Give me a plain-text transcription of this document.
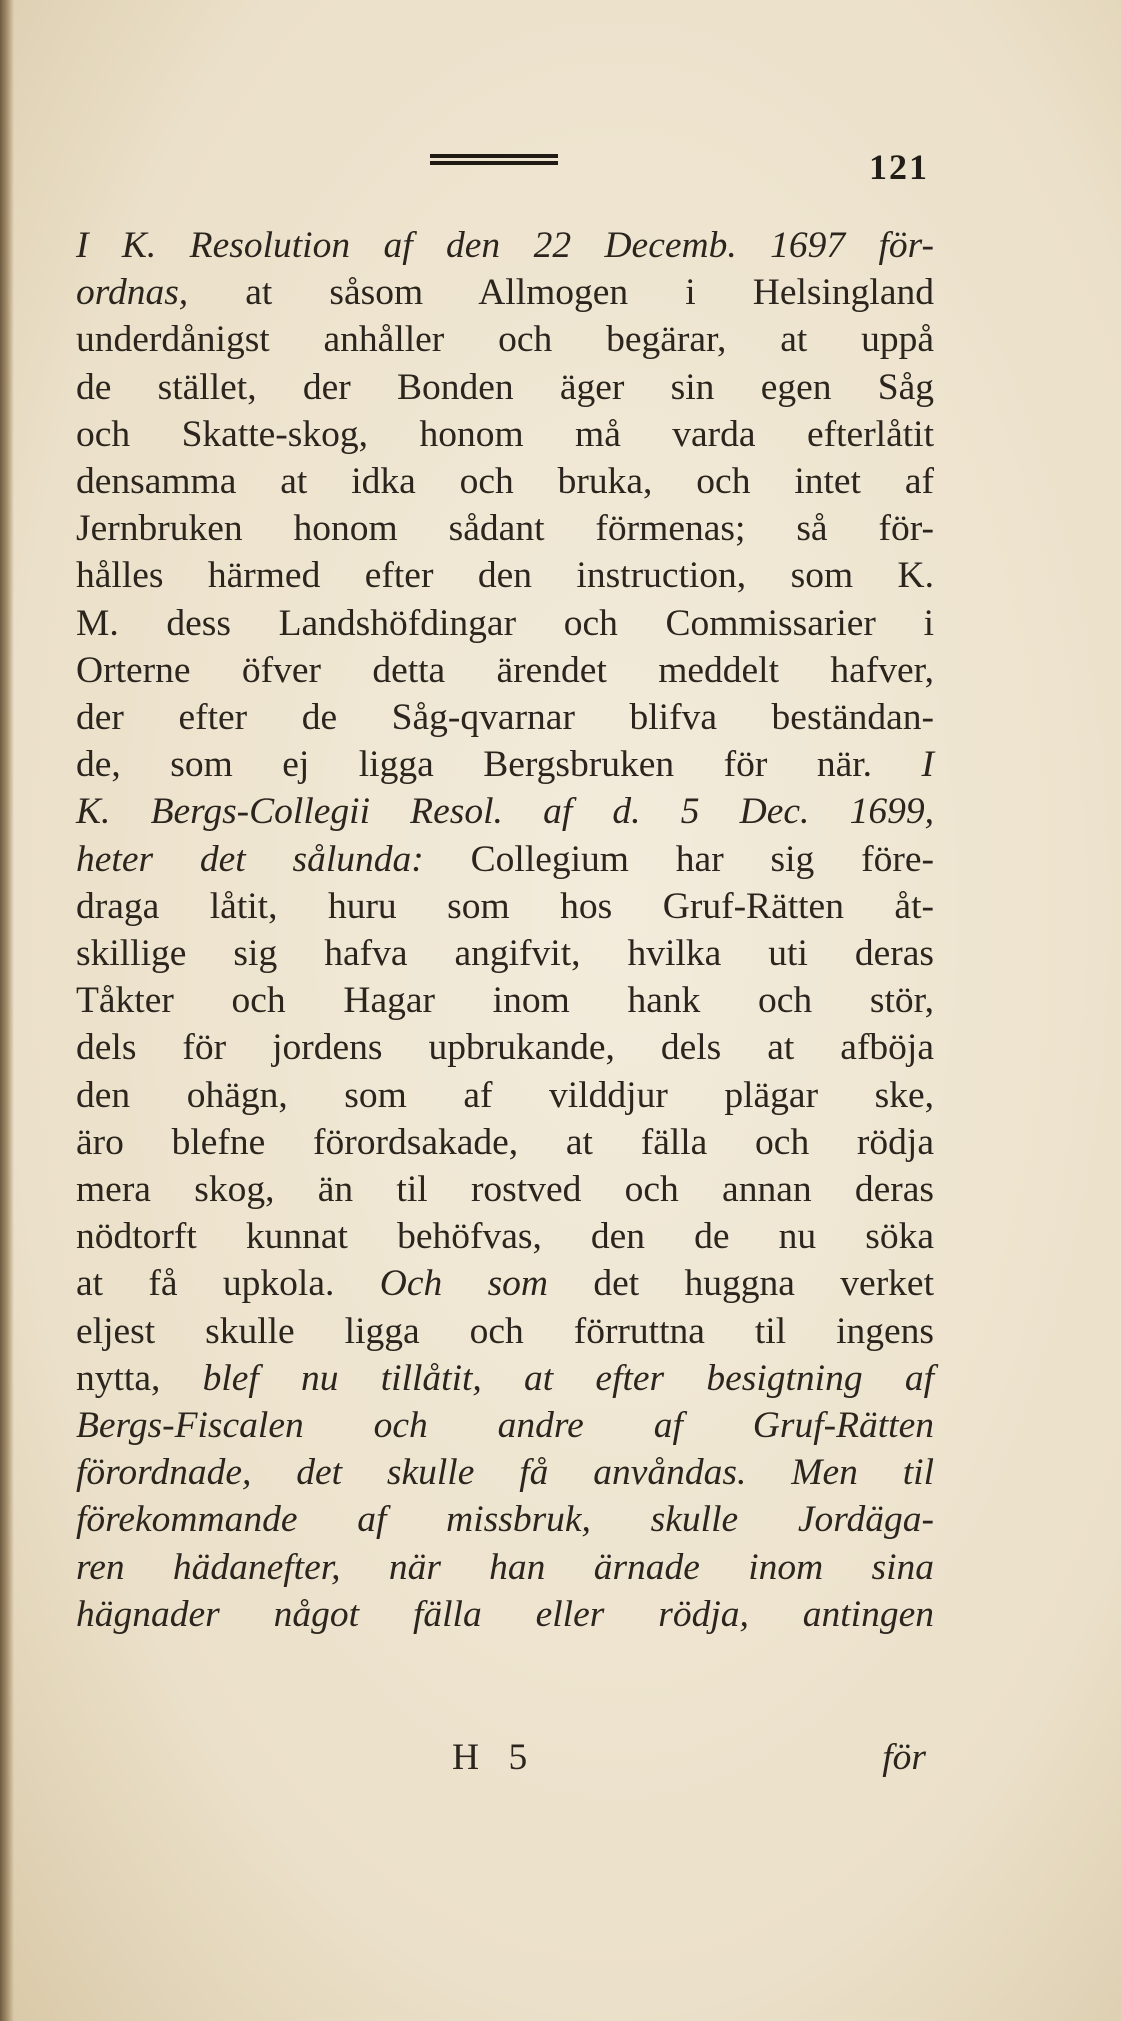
121
I K. Resolution af den 22 Decemb. 1697 för-
ordnas, at såsom Allmogen i Helsingland
underdånigst anhåller och begärar, at uppå
de stället, der Bonden äger sin egen Såg
och Skatte-skog, honom må varda efterlåtit
densamma at idka och bruka, och intet af
Jernbruken honom sådant förmenas; så för-
hålles härmed efter den instruction, som K.
M. dess Landshöfdingar och Commissarier i
Orterne öfver detta ärendet meddelt hafver,
der efter de Såg-qvarnar blifva beständan-
de, som ej ligga Bergsbruken för när. I
K. Bergs-Collegii Resol. af d. 5 Dec. 1699,
heter det sålunda: Collegium har sig före-
draga låtit, huru som hos Gruf-Rätten åt-
skillige sig hafva angifvit, hvilka uti deras
Tåkter och Hagar inom hank och stör,
dels för jordens upbrukande, dels at afböja
den ohägn, som af vilddjur plägar ske,
äro blefne förordsakade, at fälla och rödja
mera skog, än til rostved och annan deras
nödtorft kunnat behöfvas, den de nu söka
at få upkola. Och som det huggna verket
eljest skulle ligga och förruttna til ingens
nytta, blef nu tillåtit, at efter besigtning af
Bergs-Fiscalen och andre af Gruf-Rätten
förordnade, det skulle få anvåndas. Men til
förekommande af missbruk, skulle Jordäga-
ren hädanefter, när han ärnade inom sina
hägnader något fälla eller rödja, antingen
H 5	för
